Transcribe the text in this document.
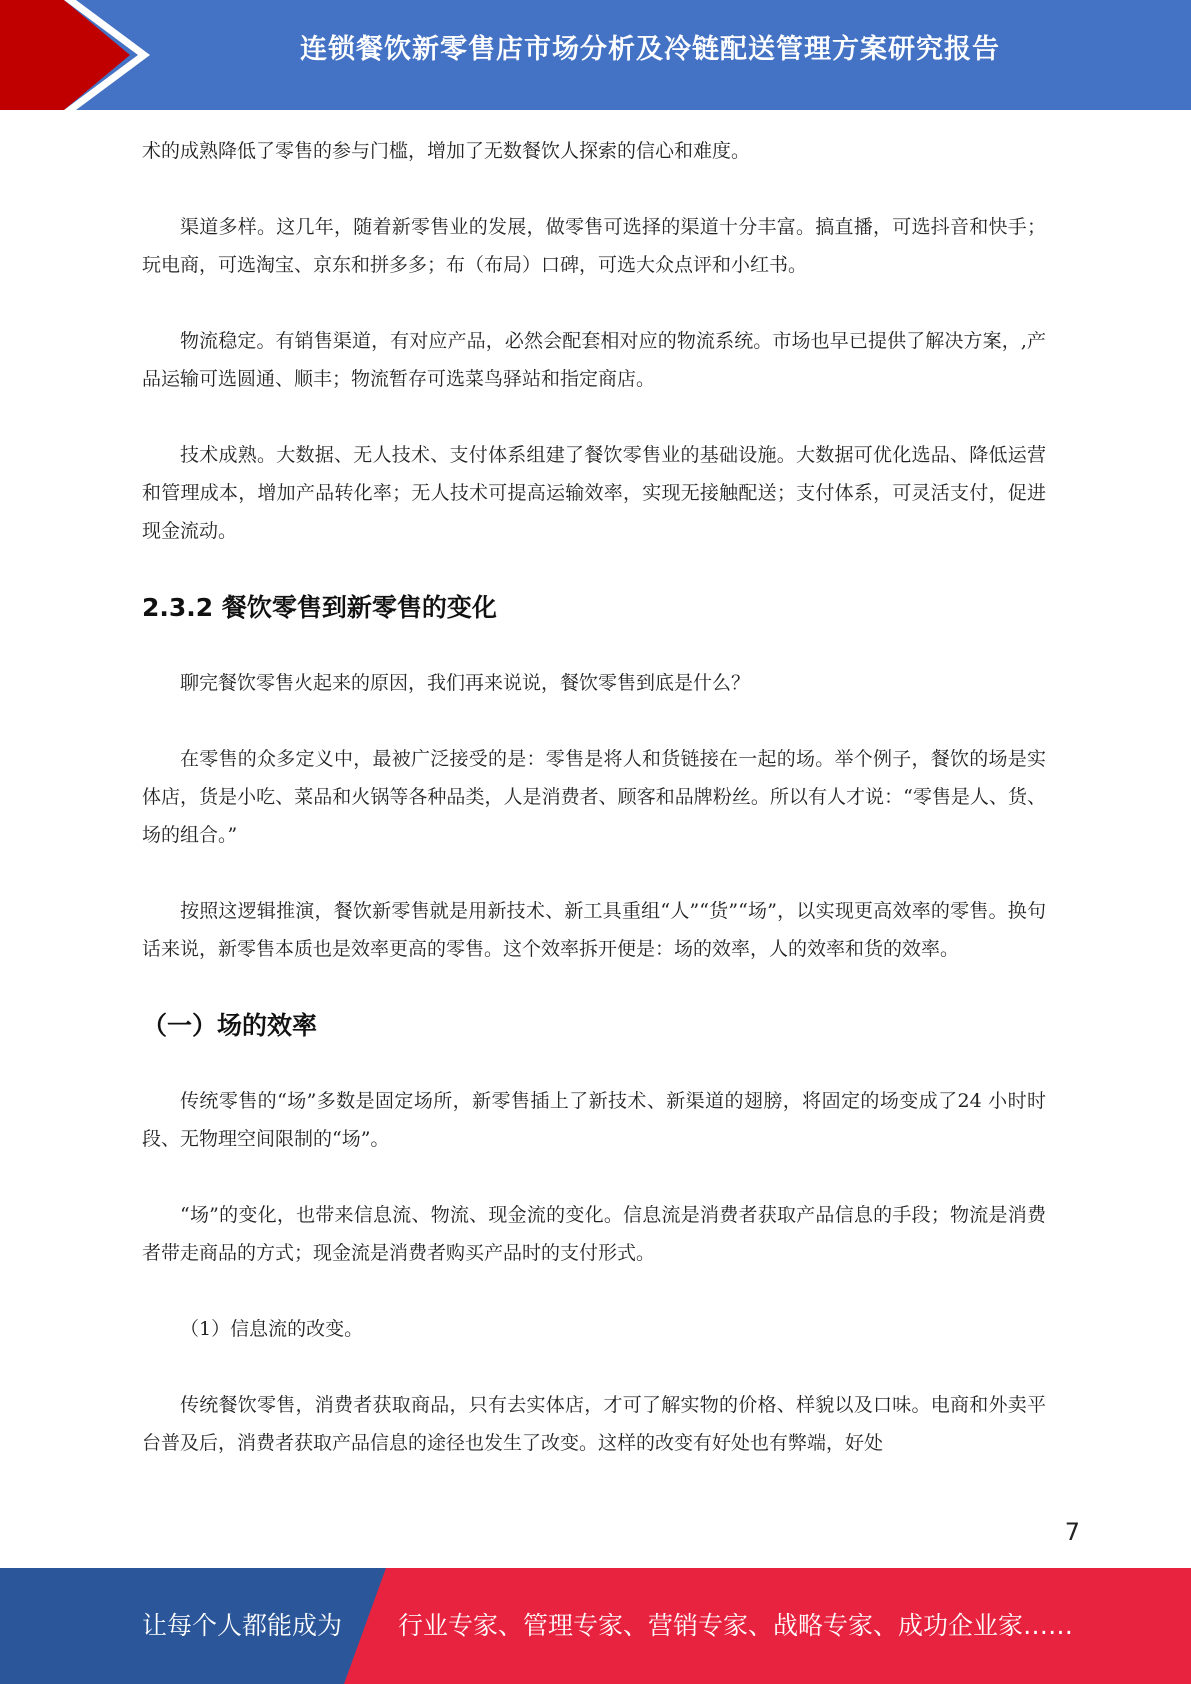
连锁餐饮新零售店市场分析及冷链配送管理方案研究报告

术的成熟降低了零售的参与门槛，增加了无数餐饮人探索的信心和难度。

渠道多样。这几年，随着新零售业的发展，做零售可选择的渠道十分丰富。搞直播，可选抖音和快手；玩电商，可选淘宝、京东和拼多多；布（布局）口碑，可选大众点评和小红书。

物流稳定。有销售渠道，有对应产品，必然会配套相对应的物流系统。市场也早已提供了解决方案，,产品运输可选圆通、顺丰；物流暂存可选菜鸟驿站和指定商店。

技术成熟。大数据、无人技术、支付体系组建了餐饮零售业的基础设施。大数据可优化选品、降低运营和管理成本，增加产品转化率；无人技术可提高运输效率，实现无接触配送；支付体系，可灵活支付，促进现金流动。

2.3.2 餐饮零售到新零售的变化

聊完餐饮零售火起来的原因，我们再来说说，餐饮零售到底是什么？

在零售的众多定义中，最被广泛接受的是：零售是将人和货链接在一起的场。举个例子，餐饮的场是实体店，货是小吃、菜品和火锅等各种品类，人是消费者、顾客和品牌粉丝。所以有人才说：“零售是人、货、场的组合。”

按照这逻辑推演，餐饮新零售就是用新技术、新工具重组“人”“货”“场”，以实现更高效率的零售。换句话来说，新零售本质也是效率更高的零售。这个效率拆开便是：场的效率，人的效率和货的效率。

（一）场的效率

传统零售的“场”多数是固定场所，新零售插上了新技术、新渠道的翅膀，将固定的场变成了24 小时时段、无物理空间限制的“场”。

“场”的变化，也带来信息流、物流、现金流的变化。信息流是消费者获取产品信息的手段；物流是消费者带走商品的方式；现金流是消费者购买产品时的支付形式。

（1）信息流的改变。

传统餐饮零售，消费者获取商品，只有去实体店，才可了解实物的价格、样貌以及口味。电商和外卖平台普及后，消费者获取产品信息的途径也发生了改变。这样的改变有好处也有弊端，好处

7
让每个人都能成为 行业专家、管理专家、营销专家、战略专家、成功企业家……
